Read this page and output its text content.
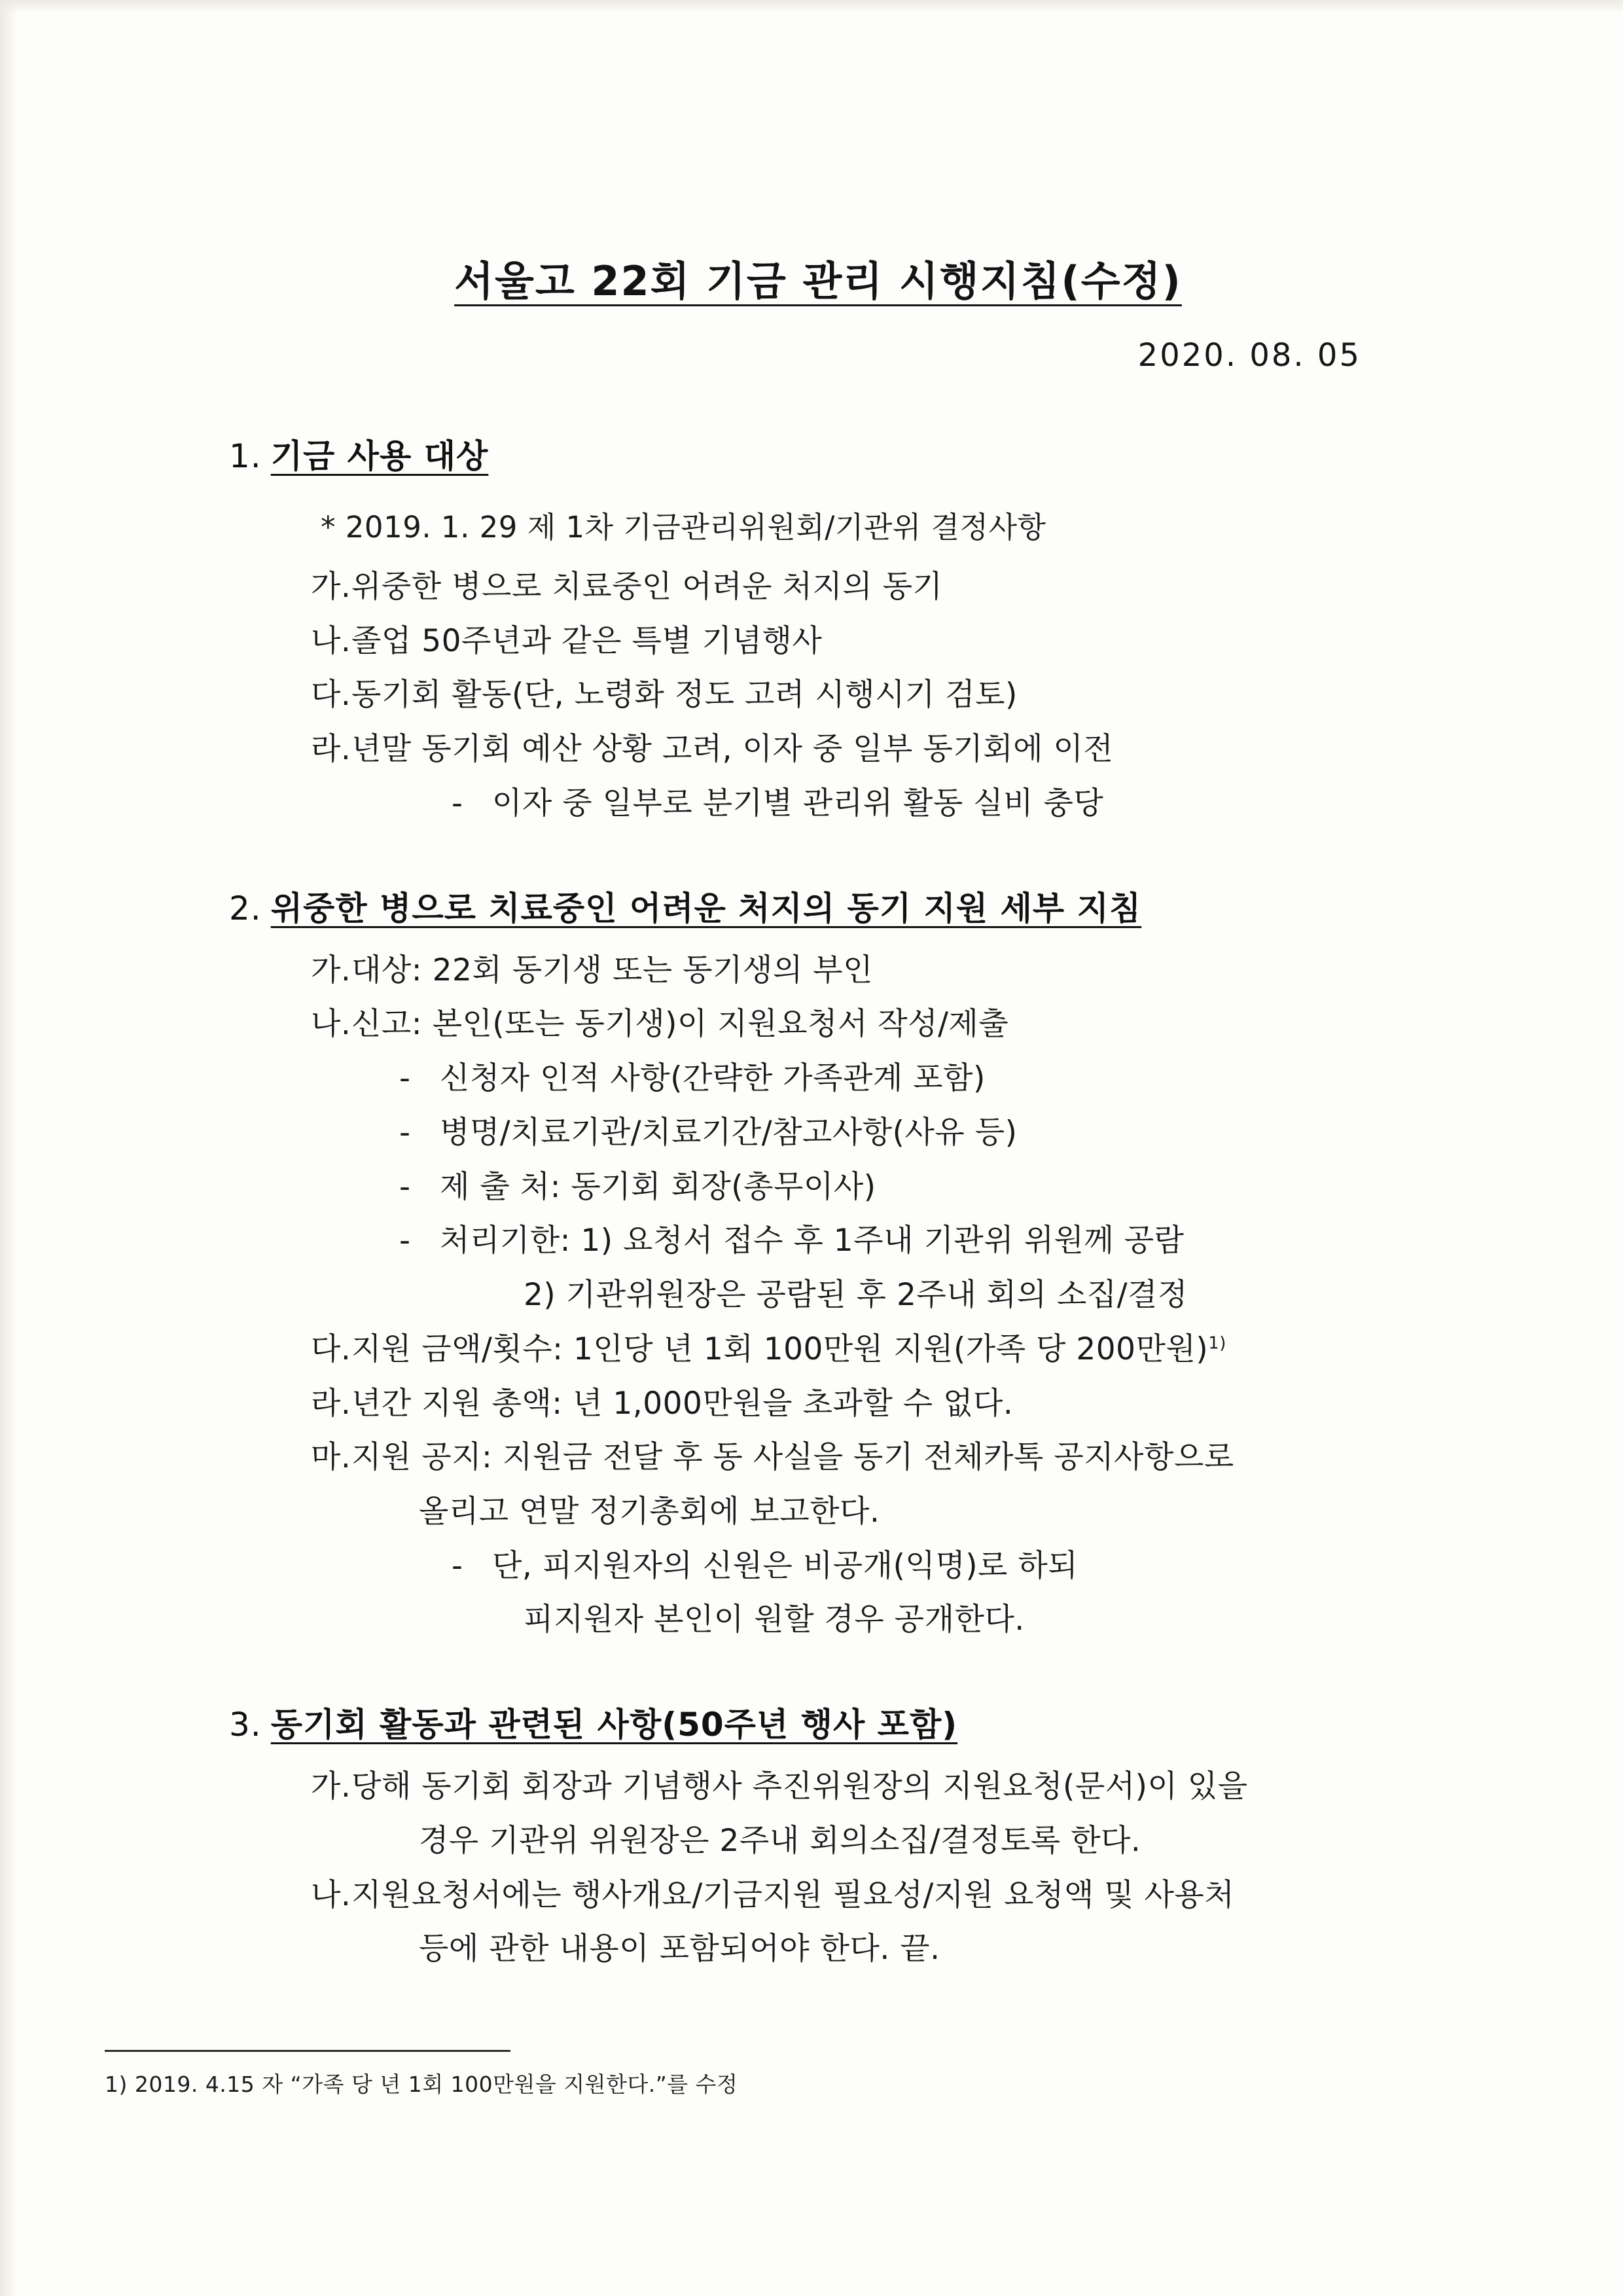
서울고 22회 기금 관리 시행지침(수정)
2020. 08. 05
1. 기금 사용 대상
* 2019. 1. 29 제 1차 기금관리위원회/기관위 결정사항
가.위중한 병으로 치료중인 어려운 처지의 동기
나.졸업 50주년과 같은 특별 기념행사
다.동기회 활동(단, 노령화 정도 고려 시행시기 검토)
라.년말 동기회 예산 상황 고려, 이자 중 일부 동기회에 이전
- 이자 중 일부로 분기별 관리위 활동 실비 충당
2. 위중한 병으로 치료중인 어려운 처지의 동기 지원 세부 지침
가.대상: 22회 동기생 또는 동기생의 부인
나.신고: 본인(또는 동기생)이 지원요청서 작성/제출
- 신청자 인적 사항(간략한 가족관계 포함)
- 병명/치료기관/치료기간/참고사항(사유 등)
- 제 출 처: 동기회 회장(총무이사)
- 처리기한: 1) 요청서 접수 후 1주내 기관위 위원께 공람
2) 기관위원장은 공람된 후 2주내 회의 소집/결정
다.지원 금액/횟수: 1인당 년 1회 100만원 지원(가족 당 200만원)$^{1)}$
라.년간 지원 총액: 년 1,000만원을 초과할 수 없다.
마.지원 공지: 지원금 전달 후 동 사실을 동기 전체카톡 공지사항으로
올리고 연말 정기총회에 보고한다.
- 단, 피지원자의 신원은 비공개(익명)로 하되
피지원자 본인이 원할 경우 공개한다.
3. 동기회 활동과 관련된 사항(50주년 행사 포함)
가.당해 동기회 회장과 기념행사 추진위원장의 지원요청(문서)이 있을
경우 기관위 위원장은 2주내 회의소집/결정토록 한다.
나.지원요청서에는 행사개요/기금지원 필요성/지원 요청액 및 사용처
등에 관한 내용이 포함되어야 한다. 끝.
1) 2019. 4.15 자 “가족 당 년 1회 100만원을 지원한다.”를 수정
